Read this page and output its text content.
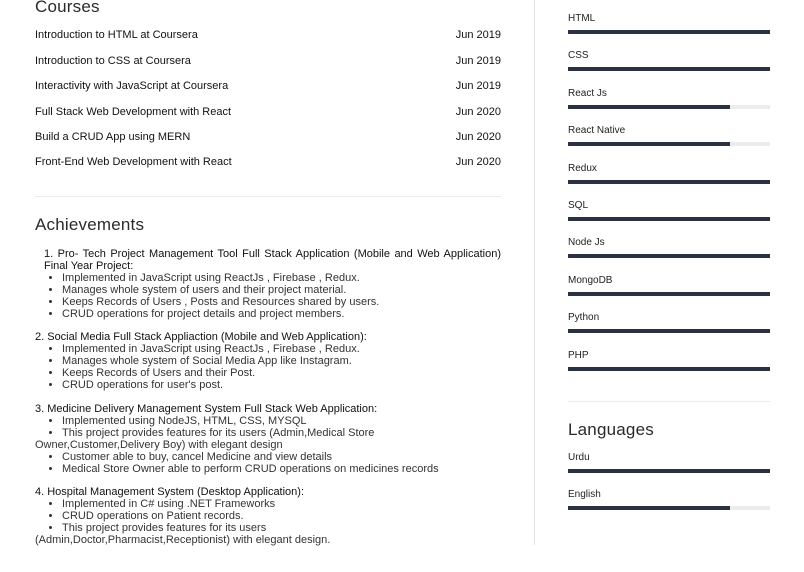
Courses
Introduction to HTML at Coursera	Jun 2019
Introduction to CSS at Coursera	Jun 2019
Interactivity with JavaScript at Coursera	Jun 2019
Full Stack Web Development with React	Jun 2020
Build a CRUD App using MERN	Jun 2020
Front-End Web Development with React	Jun 2020
Achievements
1. Pro- Tech Project Management Tool Full Stack Application (Mobile and Web Application) Final Year Project:
• Implemented in JavaScript using ReactJs , Firebase , Redux.
• Manages whole system of users and their project material.
• Keeps Records of Users , Posts and Resources shared by users.
• CRUD operations for project details and project members.
2. Social Media Full Stack Appliaction (Mobile and Web Application):
• Implemented in JavaScript using ReactJs , Firebase , Redux.
• Manages whole system of Social Media App like Instagram.
• Keeps Records of Users and their Post.
• CRUD operations for user's post.
3. Medicine Delivery Management System Full Stack Web Application:
• Implemented using NodeJS, HTML, CSS, MYSQL
• This project provides features for its users (Admin,Medical Store
Owner,Customer,Delivery Boy) with elegant design
• Customer able to buy, cancel Medicine and view details
• Medical Store Owner able to perform CRUD operations on medicines records
4. Hospital Management System (Desktop Application):
• Implemented in C# using .NET Frameworks
• CRUD operations on Patient records.
• This project provides features for its users
(Admin,Doctor,Pharmacist,Receptionist) with elegant design.
HTML
CSS
React Js
React Native
Redux
SQL
Node Js
MongoDB
Python
PHP
Languages
Urdu
English
